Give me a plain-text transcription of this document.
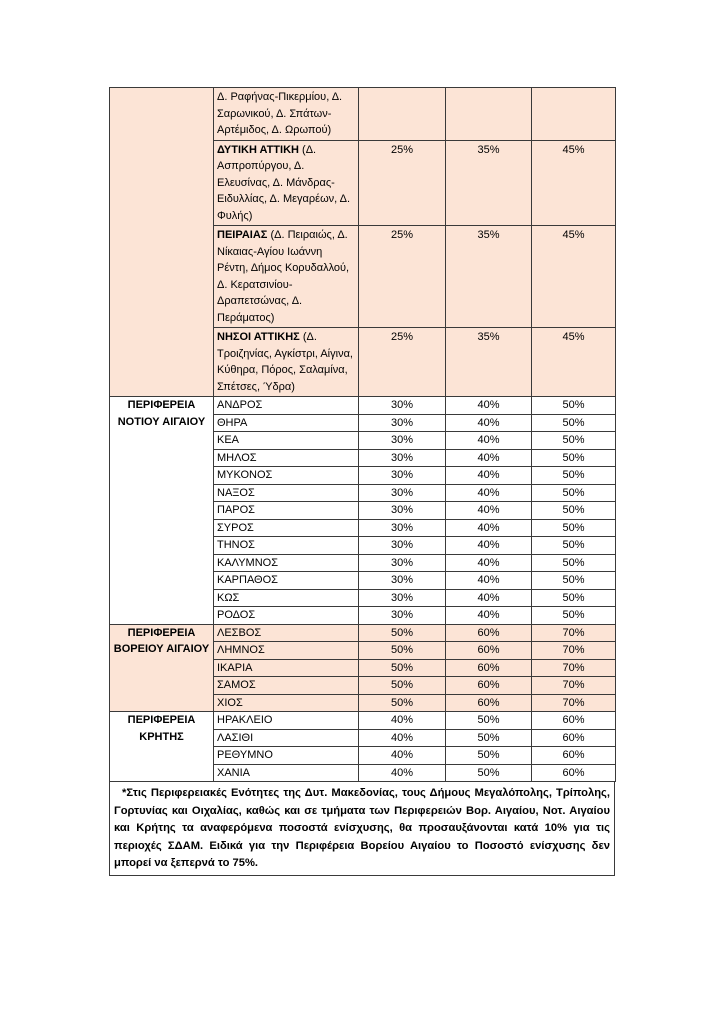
	Δ. Ραφήνας-Πικερμίου, Δ. Σαρωνικού, Δ. Σπάτων-Αρτέμιδος, Δ. Ωρωπού)			
	ΔΥΤΙΚΗ ΑΤΤΙΚΗ (Δ. Ασπροπύργου, Δ. Ελευσίνας, Δ. Μάνδρας-Ειδυλλίας, Δ. Μεγαρέων, Δ. Φυλής)	25%	35%	45%
	ΠΕΙΡΑΙΑΣ (Δ. Πειραιώς, Δ. Νίκαιας-Αγίου Ιωάννη Ρέντη, Δήμος Κορυδαλλού, Δ. Κερατσινίου-Δραπετσώνας, Δ. Περάματος)	25%	35%	45%
	ΝΗΣΟΙ ΑΤΤΙΚΗΣ (Δ. Τροιζηνίας, Αγκίστρι, Αίγινα, Κύθηρα, Πόρος, Σαλαμίνα, Σπέτσες, Ύδρα)	25%	35%	45%
ΠΕΡΙΦΕΡΕΙΑ ΝΟΤΙΟΥ ΑΙΓΑΙΟΥ	ΑΝΔΡΟΣ	30%	40%	50%
	ΘΗΡΑ	30%	40%	50%
	ΚΕΑ	30%	40%	50%
	ΜΗΛΟΣ	30%	40%	50%
	ΜΥΚΟΝΟΣ	30%	40%	50%
	ΝΑΞΟΣ	30%	40%	50%
	ΠΑΡΟΣ	30%	40%	50%
	ΣΥΡΟΣ	30%	40%	50%
	ΤΗΝΟΣ	30%	40%	50%
	ΚΑΛΥΜΝΟΣ	30%	40%	50%
	ΚΑΡΠΑΘΟΣ	30%	40%	50%
	ΚΩΣ	30%	40%	50%
	ΡΟΔΟΣ	30%	40%	50%
ΠΕΡΙΦΕΡΕΙΑ ΒΟΡΕΙΟΥ ΑΙΓΑΙΟΥ	ΛΕΣΒΟΣ	50%	60%	70%
	ΛΗΜΝΟΣ	50%	60%	70%
	ΙΚΑΡΙΑ	50%	60%	70%
	ΣΑΜΟΣ	50%	60%	70%
	ΧΙΟΣ	50%	60%	70%
ΠΕΡΙΦΕΡΕΙΑ ΚΡΗΤΗΣ	ΗΡΑΚΛΕΙΟ	40%	50%	60%
	ΛΑΣΙΘΙ	40%	50%	60%
	ΡΕΘΥΜΝΟ	40%	50%	60%
	ΧΑΝΙΑ	40%	50%	60%
*Στις Περιφερειακές Ενότητες της Δυτ. Μακεδονίας, τους Δήμους Μεγαλόπολης, Τρίπολης, Γορτυνίας και Οιχαλίας, καθώς και σε τμήματα των Περιφερειών Βορ. Αιγαίου, Νοτ. Αιγαίου και Κρήτης τα αναφερόμενα ποσοστά ενίσχυσης, θα προσαυξάνονται κατά 10% για τις περιοχές ΣΔΑΜ. Ειδικά για την Περιφέρεια Βορείου Αιγαίου το Ποσοστό ενίσχυσης δεν μπορεί να ξεπερνά το 75%.
